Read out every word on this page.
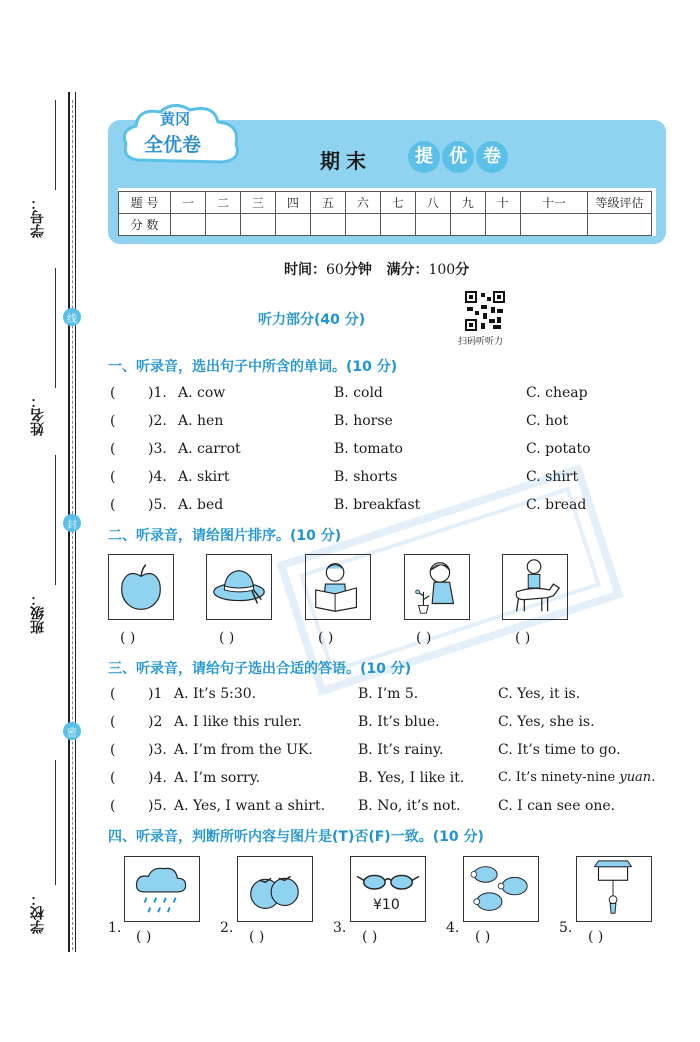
学号：
线
姓名：
封
班级：
密
学校：
黄冈
全优卷
期末	提 优 卷
题 号	一	二	三	四	五	六	七	八	九	十	十一	等级评估
分 数												
时间：60分钟 满分：100分
听力部分(40 分)
扫码听听力
一、听录音，选出句子中所含的单词。(10 分)
( )1. A. cow	B. cold	C. cheap
( )2. A. hen	B. horse	C. hot
( )3. A. carrot	B. tomato	C. potato
( )4. A. skirt	B. shorts	C. shirt
( )5. A. bed	B. breakfast	C. bread
二、听录音，请给图片排序。(10 分)
( )	( )	( )	( )	( )
三、听录音，请给句子选出合适的答语。(10 分)
( )1 A. It’s 5:30.	B. I’m 5.	C. Yes, it is.
( )2 A. I like this ruler.	B. It’s blue.	C. Yes, she is.
( )3. A. I’m from the UK.	B. It’s rainy.	C. It’s time to go.
( )4. A. I’m sorry.	B. Yes, I like it.	C. It’s ninety-nine yuan.
( )5. A. Yes, I want a shirt. B. No, it’s not.	C. I can see one.
四、听录音，判断所听内容与图片是(T)否(F)一致。(10 分)
¥10
1.
( )
2.
( )
3.
( )
4.
( )
5.
( )
